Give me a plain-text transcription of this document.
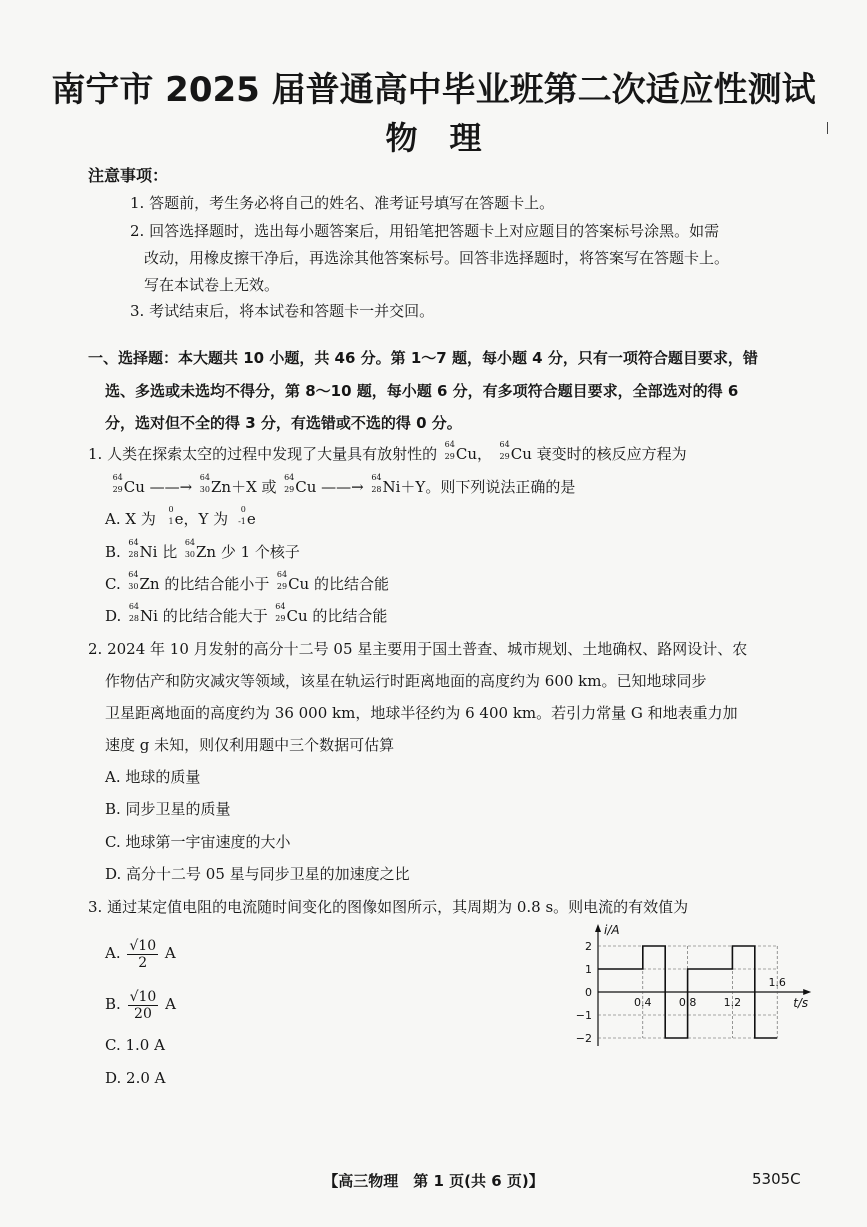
南宁市 2025 届普通高中毕业班第二次适应性测试
物　理
注意事项：
1. 答题前，考生务必将自己的姓名、准考证号填写在答题卡上。
2. 回答选择题时，选出每小题答案后，用铅笔把答题卡上对应题目的答案标号涂黑。如需
改动，用橡皮擦干净后，再选涂其他答案标号。回答非选择题时，将答案写在答题卡上。
写在本试卷上无效。
3. 考试结束后，将本试卷和答题卡一并交回。
一、选择题：本大题共 10 小题，共 46 分。第 1～7 题，每小题 4 分，只有一项符合题目要求，错
选、多选或未选均不得分，第 8～10 题，每小题 6 分，有多项符合题目要求，全部选对的得 6
分，选对但不全的得 3 分，有选错或不选的得 0 分。
1. 人类在探索太空的过程中发现了大量具有放射性的
64
29 Cu，
64
29 Cu 衰变时的核反应方程为
64
29 Cu ——→
64
30 Zn＋X 或
64
29 Cu ——→
64
28 Ni＋Y。则下列说法正确的是
A. X 为
0
1 e，Y 为
0
-1 e
B.
64
28 Ni 比
64
30 Zn 少 1 个核子
C.
64
30 Zn 的比结合能小于
64
29 Cu 的比结合能
D.
64
28 Ni 的比结合能大于
64
29 Cu 的比结合能
2. 2024 年 10 月发射的高分十二号 05 星主要用于国土普查、城市规划、土地确权、路网设计、农
作物估产和防灾减灾等领域，该星在轨运行时距离地面的高度约为 600 km。已知地球同步
卫星距离地面的高度约为 36 000 km，地球半径约为 6 400 km。若引力常量 G 和地表重力加
速度 g 未知，则仅利用题中三个数据可估算
A. 地球的质量
B. 同步卫星的质量
C. 地球第一宇宙速度的大小
D. 高分十二号 05 星与同步卫星的加速度之比
3. 通过某定值电阻的电流随时间变化的图像如图所示，其周期为 0.8 s。则电流的有效值为
A. $\frac{√10}{2}$ A
B. $\frac{√10}{20}$ A
C. 1.0 A
D. 2.0 A
2
1
0
−1
−2
0.4 0.8 1.2
1.6
i/A
t/s
【高三物理　第 1 页(共 6 页)】	5305C
